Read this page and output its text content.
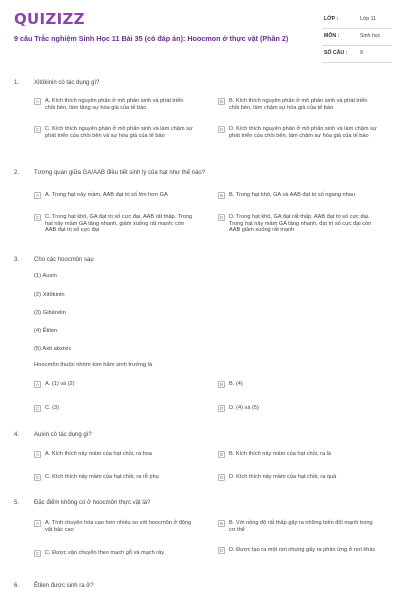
QUIZIZZ
9 câu Trắc nghiệm Sinh Học 11 Bài 35 (có đáp án): Hoocmon ở thực vật (Phần 2)
LỚP :	Lớp 11
MÔN :	Sinh học
SỐ CÂU : 9
1. Xitôkinin có tác dụng gì?
A	A. Kích thích nguyên phân ở mô phân sinh và phát triển chồi bên, làm tăng sự hóa già của tế bào
B	B. Kích thích nguyên phân ở mô phân sinh và phát triển chồi bên, làm chậm sự hóa già của tế bào
C	C. Kích thích nguyên phân ở mô phân sinh và làm chậm sự phát triển của chồi bên và sự hóa già của tế bào
D	D. Kích thích nguyên phân ở mô phân sinh và làm chậm sự phát triển của chồi bên, làm chậm sự hóa già của tế bào
2. Tương quan giữa GA/AAB điều tiết sinh lý của hạt như thế nào?
A	A. Trong hạt nảy mầm, AAB đạt trị số lớn hơn GA	B	B. Trong hạt khô, GA và AAB đạt trị số ngang nhau
C	C. Trong hạt khô, GA đạt trị số cực đại, AAB rất thấp. Trong hạt nảy mầm GA tăng nhanh, giảm xuống rất mạnh; còn AAB đạt trị số cực đại
D	D. Trong hạt khô, GA đạt rất thấp, AAB đạt trị số cực đại. Trong hạt nảy mầm GA tăng nhanh, đạt trị số cực đại còn AAB giảm xuống rất mạnh
3. Cho các hoocmôn sau
(1) Auxin
(2) Xitôkinin
(3) Gibêrelin
(4) Êtilen
(5) Axit abxixic
Hoocmôn thuộc nhóm kìm hãm sinh trưởng là
A	A. (1) và (2)	B	B. (4)
C	C. (3)	D	D. (4) và (5)
4. Auxin có tác dụng gì?
A	A. Kích thích nảy mầm của hạt chồi, ra hoa	B	B. Kích thích nảy mầm của hạt chồi, ra lá
C	C. Kích thích nảy mầm của hạt chồi, ra rễ phụ	D	D. Kích thích nảy mầm của hạt chồi, ra quả
5. Đặc điểm không có ở hoocmôn thực vật là?
A	A. Tính chuyên hóa cao hơn nhiều so với hoocmôn ở động vật bậc cao
B	B. Với nồng độ rất thấp gây ra những biến đổi mạnh trong cơ thể
C	C. Được vận chuyển theo mạch gỗ và mạch rây	D	D. Được tạo ra một nơi nhưng gây ra phản ứng ở nơi khác
6. Êtilen được sinh ra ở?
